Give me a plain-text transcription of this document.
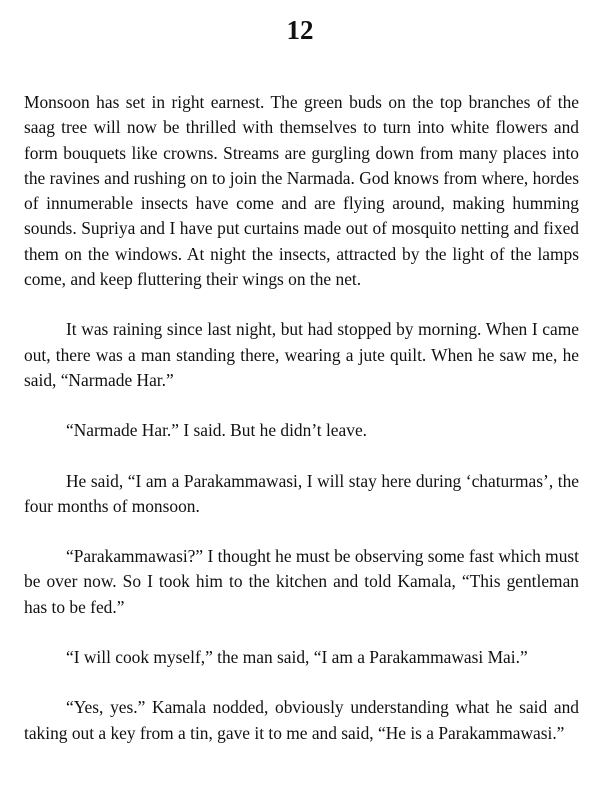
12

Monsoon has set in right earnest. The green buds on the top branches of the saag tree will now be thrilled with themselves to turn into white flowers and form bouquets like crowns. Streams are gurgling down from many places into the ravines and rushing on to join the Narmada. God knows from where, hordes of innumerable insects have come and are flying around, making humming sounds. Supriya and I have put curtains made out of mosquito netting and fixed them on the windows. At night the insects, attracted by the light of the lamps come, and keep fluttering their wings on the net.

It was raining since last night, but had stopped by morning. When I came out, there was a man standing there, wearing a jute quilt. When he saw me, he said, “Narmade Har.”

“Narmade Har.” I said. But he didn’t leave.

He said, “I am a Parakammawasi, I will stay here during ‘chaturmas’, the four months of monsoon.

“Parakammawasi?” I thought he must be observing some fast which must be over now. So I took him to the kitchen and told Kamala, “This gentleman has to be fed.”

“I will cook myself,” the man said, “I am a Parakammawasi Mai.”

“Yes, yes.” Kamala nodded, obviously understanding what he said and taking out a key from a tin, gave it to me and said, “He is a Parakammawasi.”
